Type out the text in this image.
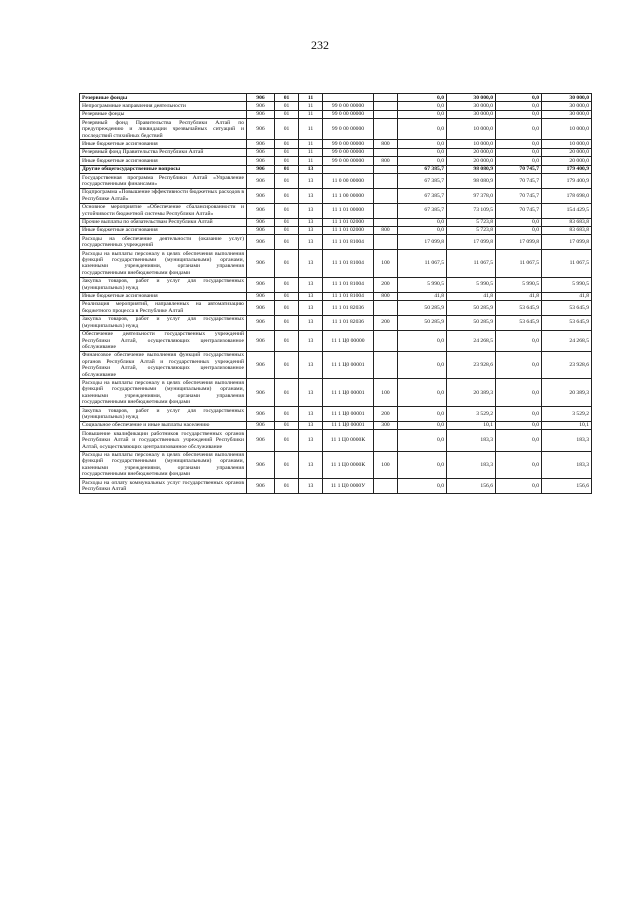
232
Резервные фонды	906	01	11			0,0	30 000,0	0,0	30 000,0
Непрограммные направления деятельности	906	01	11	99 0 00 00000		0,0	30 000,0	0,0	30 000,0
Резервные фонды	906	01	11	99 0 00 00000		0,0	30 000,0	0,0	30 000,0
Резервный фонд Правительства Республики Алтай по предупреждению и ликвидации чрезвычайных ситуаций и последствий стихийных бедствий	906	01	11	99 0 00 00000		0,0	10 000,0	0,0	10 000,0
Иные бюджетные ассигнования	906	01	11	99 0 00 00000	800	0,0	10 000,0	0,0	10 000,0
Резервный фонд Правительства Республики Алтай	906	01	11	99 0 00 00000		0,0	20 000,0	0,0	20 000,0
Иные бюджетные ассигнования	906	01	11	99 0 00 00000	800	0,0	20 000,0	0,0	20 000,0
Другие общегосударственные вопросы	906	01	13			67 385,7	98 080,9	70 745,7	179 400,9
Государственная программа Республики Алтай «Управление государственными финансами»	906	01	13	11 0 00 00000		67 385,7	98 080,9	70 745,7	179 400,9
Подпрограмма «Повышение эффективности бюджетных расходов в Республике Алтай»	906	01	13	11 1 00 00000		67 385,7	97 378,0	70 745,7	178 698,0
Основное мероприятие «Обеспечение сбалансированности и устойчивости бюджетной системы Республики Алтай»	906	01	13	11 1 01 00000		67 385,7	73 109,5	70 745,7	154 429,5
Прочие выплаты по обязательствам Республики Алтай	906	01	13	11 1 01 02000		0,0	5 723,8	0,0	83 683,8
Иные бюджетные ассигнования	906	01	13	11 1 01 02000	800	0,0	5 723,8	0,0	83 683,8
Расходы на обеспечение деятельности (оказание услуг) государственных учреждений	906	01	13	11 1 01 81004		17 099,8	17 099,8	17 099,8	17 099,8
Расходы на выплаты персоналу в целях обеспечения выполнения функций государственными (муниципальными) органами, казенными учреждениями, органами управления государственными внебюджетными фондами	906	01	13	11 1 01 81004	100	11 067,5	11 067,5	11 067,5	11 067,5
Закупка товаров, работ и услуг для государственных (муниципальных) нужд	906	01	13	11 1 01 81004	200	5 990,5	5 990,5	5 990,5	5 990,5
Иные бюджетные ассигнования	906	01	13	11 1 01 81004	800	41,8	41,8	41,8	41,8
Реализация мероприятий, направленных на автоматизацию бюджетного процесса в Республике Алтай	906	01	13	11 1 01 82036		50 285,9	50 285,9	53 645,9	53 645,9
Закупка товаров, работ и услуг для государственных (муниципальных) нужд	906	01	13	11 1 01 82036	200	50 285,9	50 285,9	53 645,9	53 645,9
Обеспечение деятельности государственных учреждений Республики Алтай, осуществляющих централизованное обслуживание	906	01	13	11 1 Ц0 00000		0,0	24 268,5	0,0	24 268,5
Финансовое обеспечение выполнения функций государственных органов Республики Алтай и государственных учреждений Республики Алтай, осуществляющих централизованное обслуживание	906	01	13	11 1 Ц0 00001		0,0	23 928,6	0,0	23 928,6
Расходы на выплаты персоналу в целях обеспечения выполнения функций государственными (муниципальными) органами, казенными учреждениями, органами управления государственными внебюджетными фондами	906	01	13	11 1 Ц0 00001	100	0,0	20 389,3	0,0	20 389,3
Закупка товаров, работ и услуг для государственных (муниципальных) нужд	906	01	13	11 1 Ц0 00001	200	0,0	3 529,2	0,0	3 529,2
Социальное обеспечение и иные выплаты населению	906	01	13	11 1 Ц0 00001	300	0,0	10,1	0,0	10,1
Повышение квалификации работников государственных органов Республики Алтай и государственных учреждений Республики Алтай, осуществляющих централизованное обслуживание	906	01	13	11 1 Ц0 0000К		0,0	183,3	0,0	183,3
Расходы на выплаты персоналу в целях обеспечения выполнения функций государственными (муниципальными) органами, казенными учреждениями, органами управления государственными внебюджетными фондами	906	01	13	11 1 Ц0 0000К	100	0,0	183,3	0,0	183,3
Расходы на оплату коммунальных услуг государственных органов Республики Алтай	906	01	13	11 1 Ц0 0000У		0,0	156,6	0,0	156,6
